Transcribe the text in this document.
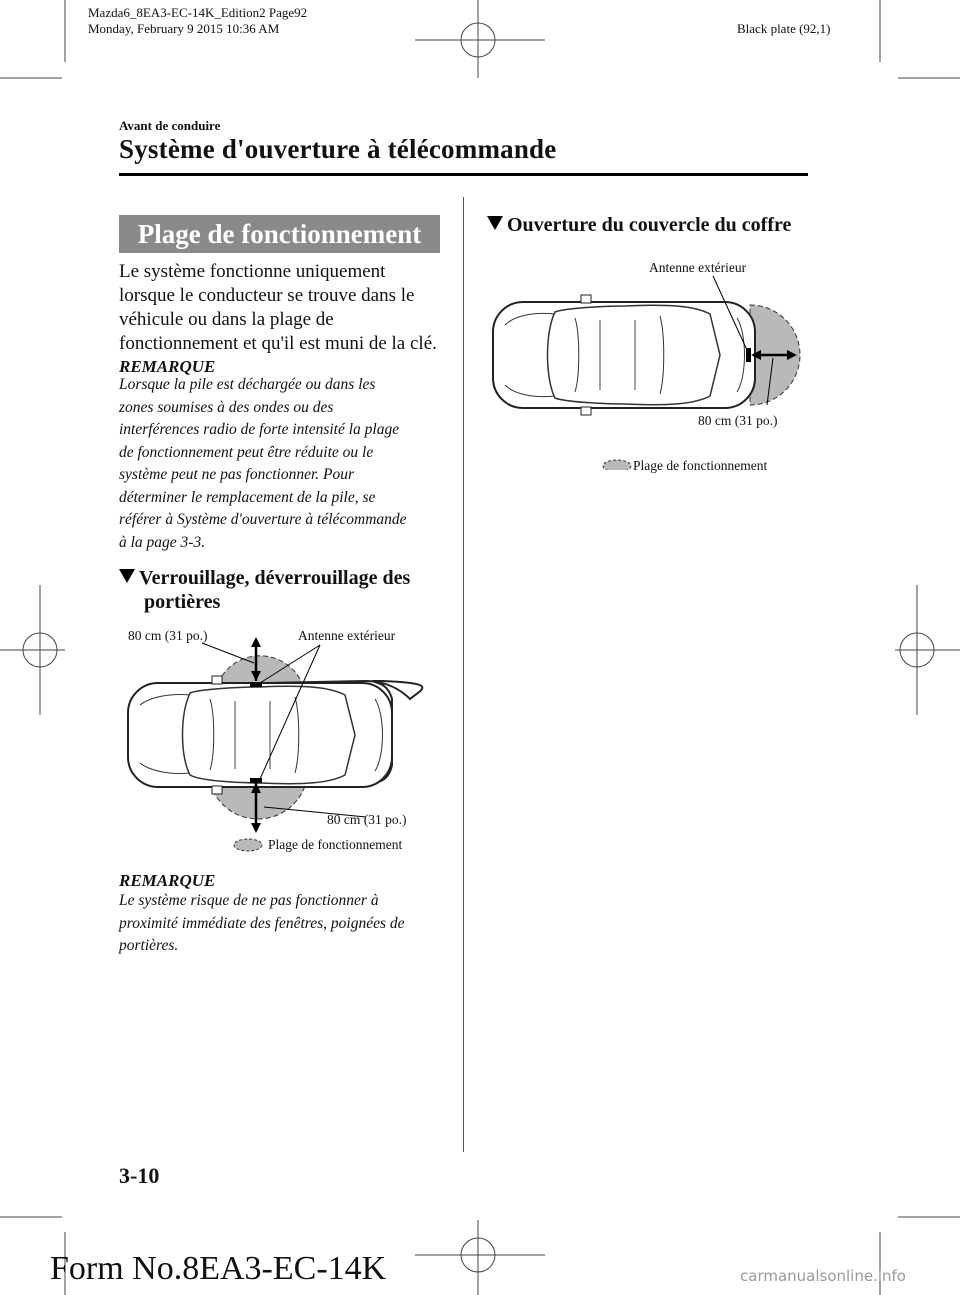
Mazda6_8EA3-EC-14K_Edition2 Page92
Monday, February 9 2015 10:36 AM	Black plate (92,1)
Avant de conduire
Système d'ouverture à télécommande
Plage de fonctionnement
Le système fonctionne uniquement
lorsque le conducteur se trouve dans le
véhicule ou dans la plage de
fonctionnement et qu'il est muni de la clé.
REMARQUE
Lorsque la pile est déchargée ou dans les
zones soumises à des ondes ou des
interférences radio de forte intensité la plage
de fonctionnement peut être réduite ou le
système peut ne pas fonctionner. Pour
déterminer le remplacement de la pile, se
référer à Système d'ouverture à télécommande
à la page 3-3.
Verrouillage, déverrouillage des
portières
80 cm (31 po.)	Antenne extérieur
80 cm (31 po.)
Plage de fonctionnement
REMARQUE
Le système risque de ne pas fonctionner à
proximité immédiate des fenêtres, poignées de
portières.
Ouverture du couvercle du coffre
Antenne extérieur
80 cm (31 po.)
Plage de fonctionnement
3-10
Form No.8EA3-EC-14K	carmanualsonline.info
